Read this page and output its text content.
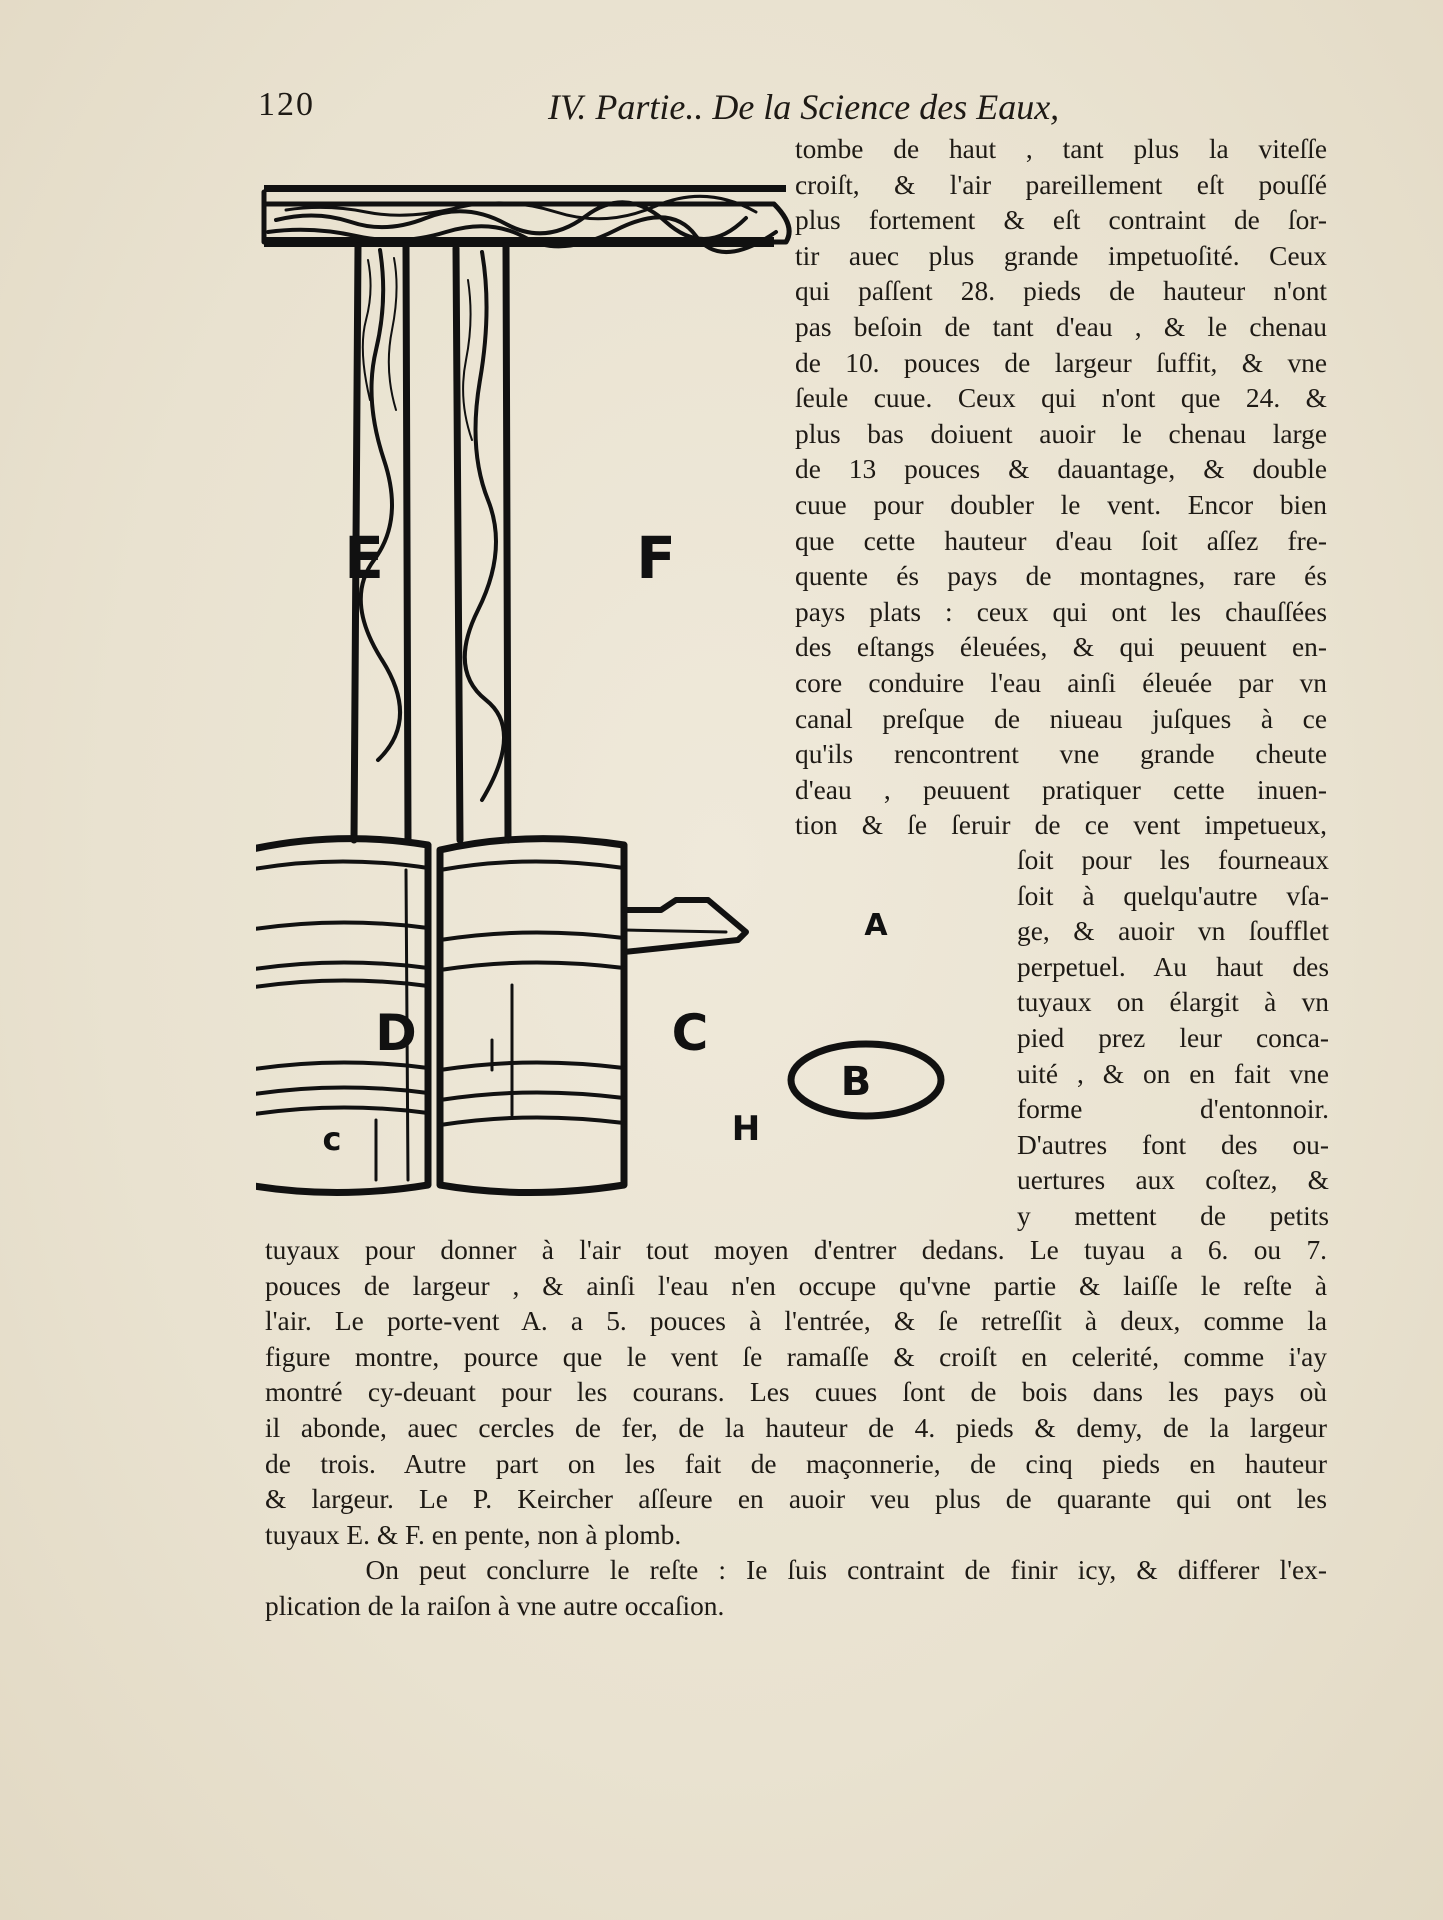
120	IV. Partie.. De la Science des Eaux,
E	F
D	C
A
B
H
c
tombe de haut , tant plus la viteſſe
croiſt, & l'air pareillement eſt pouſſé
plus fortement & eſt contraint de ſor-
tir auec plus grande impetuoſité. Ceux
qui paſſent 28. pieds de hauteur n'ont
pas beſoin de tant d'eau , & le chenau
de 10. pouces de largeur ſuffit, & vne
ſeule cuue. Ceux qui n'ont que 24. &
plus bas doiuent auoir le chenau large
de 13 pouces & dauantage, & double
cuue pour doubler le vent. Encor bien
que cette hauteur d'eau ſoit aſſez fre-
quente és pays de montagnes, rare és
pays plats : ceux qui ont les chauſſées
des eſtangs éleuées, & qui peuuent en-
core conduire l'eau ainſi éleuée par vn
canal preſque de niueau juſques à ce
qu'ils rencontrent vne grande cheute
d'eau , peuuent pratiquer cette inuen-
tion & ſe ſeruir de ce vent impetueux,
ſoit pour les fourneaux
ſoit à quelqu'autre vſa-
ge, & auoir vn ſoufflet
perpetuel. Au haut des
tuyaux on élargit à vn
pied prez leur conca-
uité , & on en fait vne
forme d'entonnoir.
D'autres font des ou-
uertures aux coſtez, &
y mettent de petits
tuyaux pour donner à l'air tout moyen d'entrer dedans. Le tuyau a 6. ou 7.
pouces de largeur , & ainſi l'eau n'en occupe qu'vne partie & laiſſe le reſte à
l'air. Le porte-vent A. a 5. pouces à l'entrée, & ſe retreſſit à deux, comme la
figure montre, pource que le vent ſe ramaſſe & croiſt en celerité, comme i'ay
montré cy-deuant pour les courans. Les cuues ſont de bois dans les pays où
il abonde, auec cercles de fer, de la hauteur de 4. pieds & demy, de la largeur
de trois. Autre part on les fait de maçonnerie, de cinq pieds en hauteur
& largeur. Le P. Keircher aſſeure en auoir veu plus de quarante qui ont les
tuyaux E. & F. en pente, non à plomb.
On peut conclurre le reſte : Ie ſuis contraint de finir icy, & differer l'ex-
plication de la raiſon à vne autre occaſion.
